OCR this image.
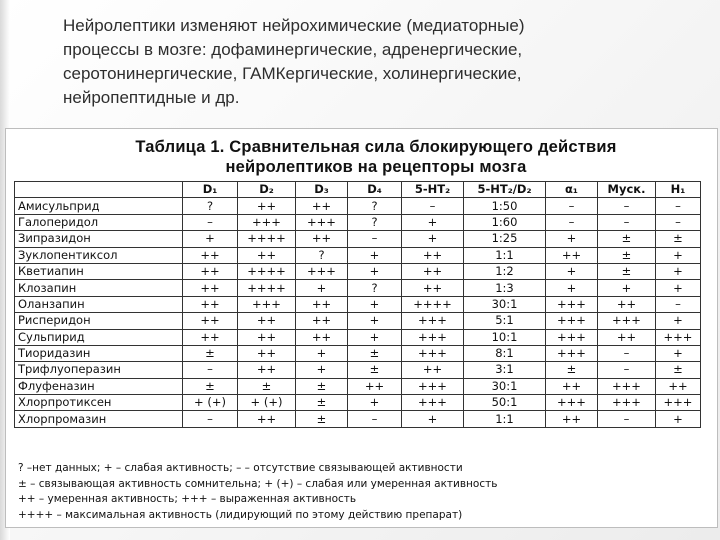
Нейролептики изменяют нейрохимические (медиаторные)
процессы в мозге: дофаминергические, адренергические,
серотонинергические, ГАМКергические, холинергические,
нейропептидные и др.
Таблица 1. Сравнительная сила блокирующего действия
нейролептиков на рецепторы мозга
	D₁	D₂	D₃	D₄	5-HT₂	5-HT₂/D₂	α₁	Муск.	H₁
Амисульприд	?	++	++	?	–	1:50	–	–	–
Галоперидол	–	+++	+++	?	+	1:60	–	–	–
Зипразидон	+	++++	++	–	+	1:25	+	±	±
Зуклопентиксол	++	++	?	+	++	1:1	++	±	+
Кветиапин	++	++++	+++	+	++	1:2	+	±	+
Клозапин	++	++++	+	?	++	1:3	+	+	+
Оланзапин	++	+++	++	+	++++	30:1	+++	++	–
Рисперидон	++	++	++	+	+++	5:1	+++	+++	+
Сульпирид	++	++	++	+	+++	10:1	+++	++	+++
Тиоридазин	±	++	+	±	+++	8:1	+++	–	+
Трифлуоперазин	–	++	+	±	++	3:1	±	–	±
Флуфеназин	±	±	±	++	+++	30:1	++	+++	++
Хлорпротиксен	+ (+)	+ (+)	±	+	+++	50:1	+++	+++	+++
Хлорпромазин	–	++	±	–	+	1:1	++	–	+
? –нет данных; + – слабая активность; – – отсутствие связывающей активности
± – связывающая активность сомнительна; + (+) – слабая или умеренная активность
++ – умеренная активность; +++ – выраженная активность
++++ – максимальная активность (лидирующий по этому действию препарат)
